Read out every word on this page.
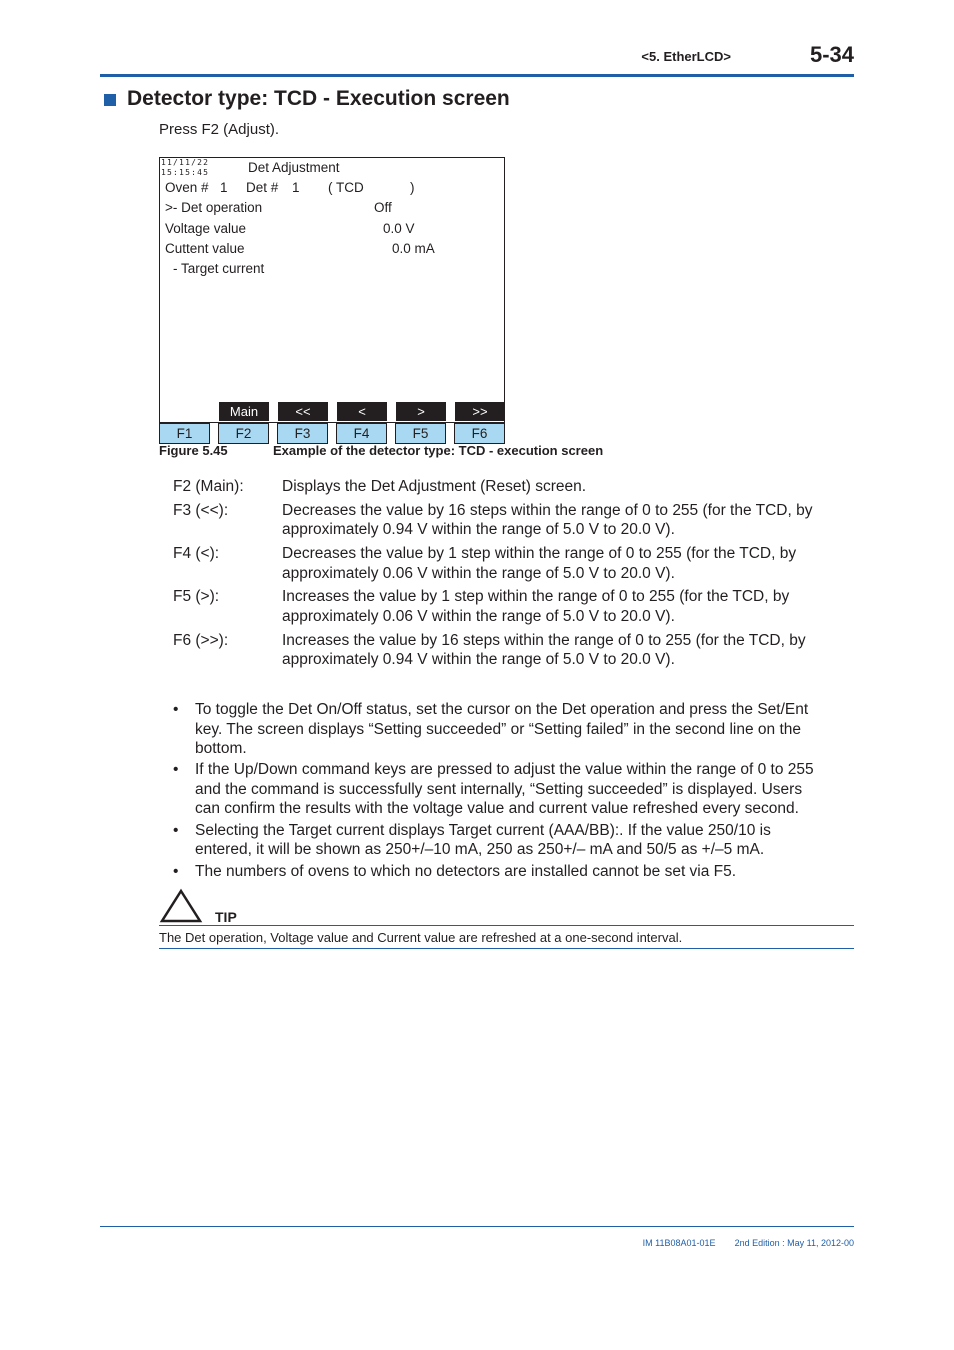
<5. EtherLCD>	5-34
Detector type: TCD - Execution screen
Press F2 (Adjust).
11/11/22
15:15:45	Det Adjustment
Oven # 1 Det # 1 ( TCD	)
>- Det operation	Off
Voltage value	0.0 V
Cuttent value	0.0 mA
- Target current
Main	<<	<	>	>>
F1	F2	F3	F4	F5	F6
Figure 5.45	Example of the detector type: TCD - execution screen
F2 (Main): Displays the Det Adjustment (Reset) screen.
F3 (<<):	Decreases the value by 16 steps within the range of 0 to 255 (for the TCD, by
approximately 0.94 V within the range of 5.0 V to 20.0 V).
F4 (<):	Decreases the value by 1 step within the range of 0 to 255 (for the TCD, by
approximately 0.06 V within the range of 5.0 V to 20.0 V).
F5 (>):	Increases the value by 1 step within the range of 0 to 255 (for the TCD, by
approximately 0.06 V within the range of 5.0 V to 20.0 V).
F6 (>>):	Increases the value by 16 steps within the range of 0 to 255 (for the TCD, by
approximately 0.94 V within the range of 5.0 V to 20.0 V).
• To toggle the Det On/Off status, set the cursor on the Det operation and press the Set/Ent
key. The screen displays “Setting succeeded” or “Setting failed” in the second line on the
bottom.
• If the Up/Down command keys are pressed to adjust the value within the range of 0 to 255
and the command is successfully sent internally, “Setting succeeded” is displayed. Users
can confirm the results with the voltage value and current value refreshed every second.
• Selecting the Target current displays Target current (AAA/BB):. If the value 250/10 is
entered, it will be shown as 250+/–10 mA, 250 as 250+/– mA and 50/5 as +/–5 mA.
• The numbers of ovens to which no detectors are installed cannot be set via F5.
TIP
The Det operation, Voltage value and Current value are refreshed at a one-second interval.
IM 11B08A01-01E 2nd Edition : May 11, 2012-00
